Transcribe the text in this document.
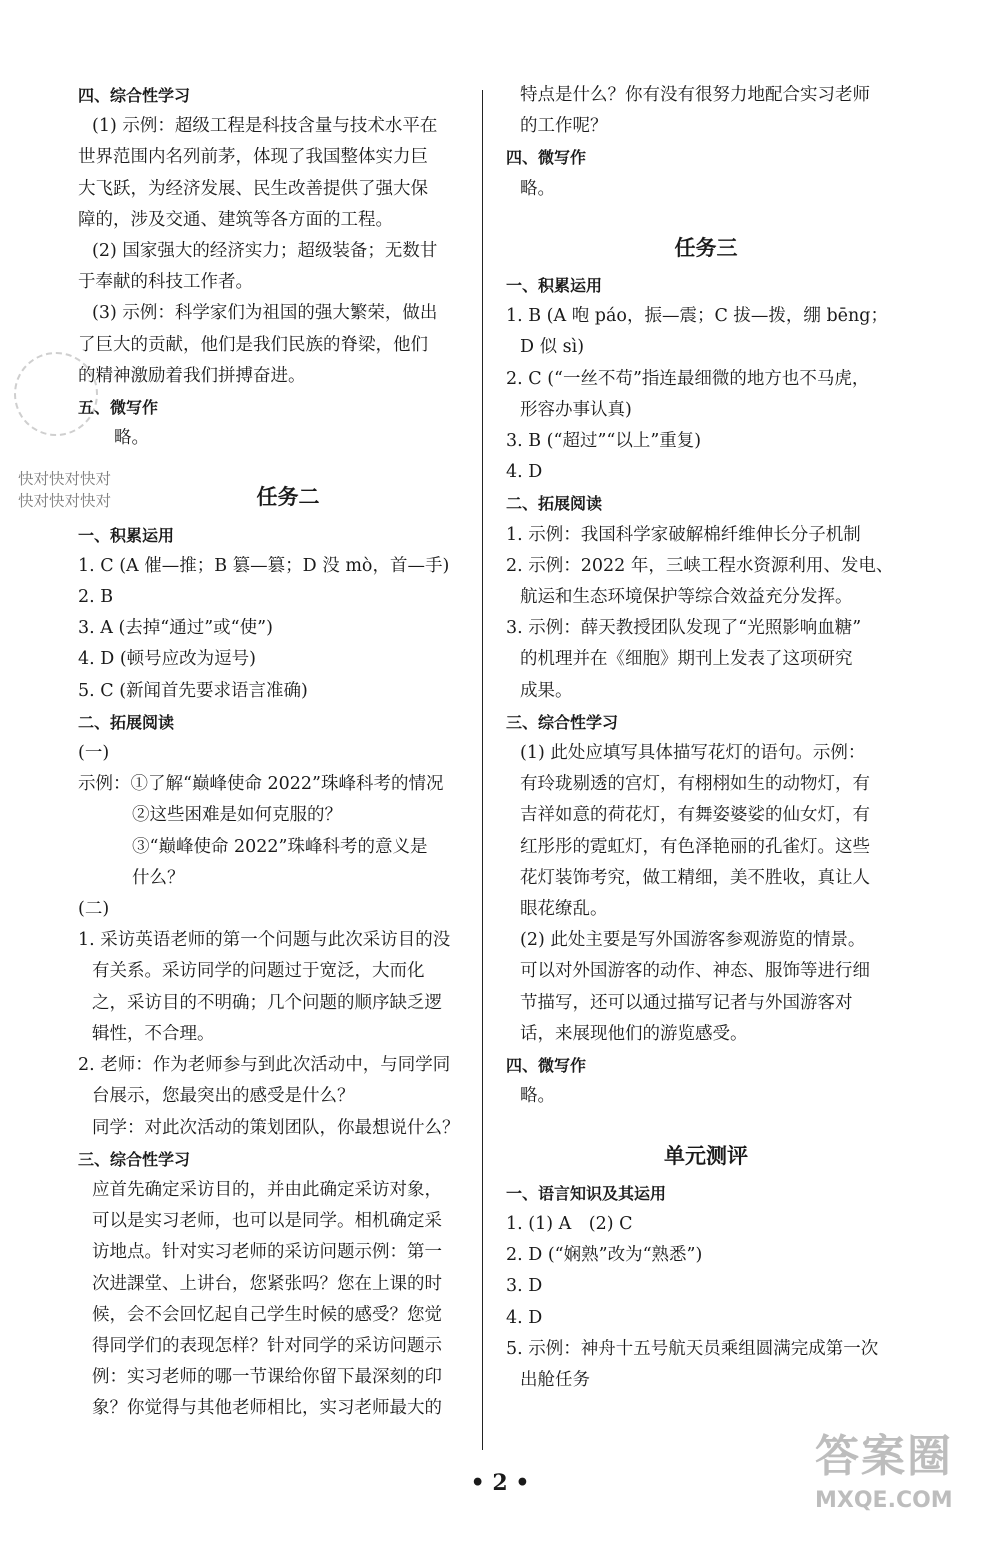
四、综合性学习
(1) 示例：超级工程是科技含量与技术水平在
世界范围内名列前茅，体现了我国整体实力巨
大飞跃，为经济发展、民生改善提供了强大保
障的，涉及交通、建筑等各方面的工程。
(2) 国家强大的经济实力；超级装备；无数甘
于奉献的科技工作者。
(3) 示例：科学家们为祖国的强大繁荣，做出
了巨大的贡献，他们是我们民族的脊梁，他们
的精神激励着我们拼搏奋进。
五、微写作
略。
任务二
一、积累运用
1. C (A 催—推；B 篡—篡；D 没 mò，首—手)
2. B
3. A (去掉“通过”或“使”)
4. D (顿号应改为逗号)
5. C (新闻首先要求语言准确)
二、拓展阅读
(一)
示例：①了解“巅峰使命 2022”珠峰科考的情况
②这些困难是如何克服的？
③“巅峰使命 2022”珠峰科考的意义是
什么？
(二)
1. 采访英语老师的第一个问题与此次采访目的没
有关系。采访同学的问题过于宽泛，大而化
之，采访目的不明确；几个问题的顺序缺乏逻
辑性，不合理。
2. 老师：作为老师参与到此次活动中，与同学同
台展示，您最突出的感受是什么？
同学：对此次活动的策划团队，你最想说什么？
三、综合性学习
应首先确定采访目的，并由此确定采访对象，
可以是实习老师，也可以是同学。相机确定采
访地点。针对实习老师的采访问题示例：第一
次进課堂、上讲台，您紧张吗？您在上课的时
候，会不会回忆起自己学生时候的感受？您觉
得同学们的表现怎样？针对同学的采访问题示
例：实习老师的哪一节课给你留下最深刻的印
象？你觉得与其他老师相比，实习老师最大的
特点是什么？你有没有很努力地配合实习老师
的工作呢？
四、微写作
略。
任务三
一、积累运用
1. B (A 咆 páo，振—震；C 拔—拨，绷 bēng；
D 似 sì)
2. C (“一丝不苟”指连最细微的地方也不马虎，
形容办事认真)
3. B (“超过”“以上”重复)
4. D
二、拓展阅读
1. 示例：我国科学家破解棉纤维伸长分子机制
2. 示例：2022 年，三峡工程水资源利用、发电、
航运和生态环境保护等综合效益充分发挥。
3. 示例：薛天教授团队发现了“光照影响血糖”
的机理并在《细胞》期刊上发表了这项研究
成果。
三、综合性学习
(1) 此处应填写具体描写花灯的语句。示例：
有玲珑剔透的宫灯，有栩栩如生的动物灯，有
吉祥如意的荷花灯，有舞姿婆娑的仙女灯，有
红彤彤的霓虹灯，有色泽艳丽的孔雀灯。这些
花灯装饰考究，做工精细，美不胜收，真让人
眼花缭乱。
(2) 此处主要是写外国游客参观游览的情景。
可以对外国游客的动作、神态、服饰等进行细
节描写，还可以通过描写记者与外国游客对
话，来展现他们的游览感受。
四、微写作
略。
单元测评
一、语言知识及其运用
1. (1) A　(2) C
2. D (“娴熟”改为“熟悉”)
3. D
4. D
5. 示例：神舟十五号航天员乘组圆满完成第一次
出舱任务
快对快对快对
快对快对快对
• 2 •
答案圈
MXQE.COM
